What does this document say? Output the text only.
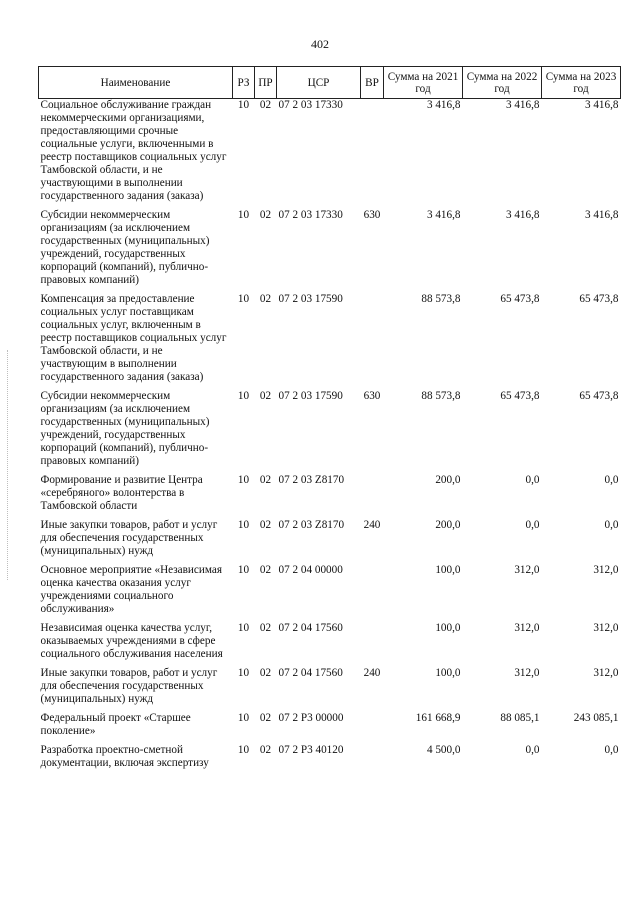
402
Наименование	РЗ	ПР	ЦСР	ВР	Сумма на 2021 год	Сумма на 2022 год	Сумма на 2023 год
Социальное обслуживание граждан некоммерческими организациями, предоставляющими срочные социальные услуги, включенными в реестр поставщиков социальных услуг Тамбовской области, и не участвующими в выполнении государственного задания (заказа)	10	02	07 2 03 17330		3 416,8	3 416,8	3 416,8
Субсидии некоммерческим организациям (за исключением государственных (муниципальных) учреждений, государственных корпораций (компаний), публично-правовых компаний)	10	02	07 2 03 17330	630	3 416,8	3 416,8	3 416,8
Компенсация за предоставление социальных услуг поставщикам социальных услуг, включенным в реестр поставщиков социальных услуг Тамбовской области, и не участвующим в выполнении государственного задания (заказа)	10	02	07 2 03 17590		88 573,8	65 473,8	65 473,8
Субсидии некоммерческим организациям (за исключением государственных (муниципальных) учреждений, государственных корпораций (компаний), публично-правовых компаний)	10	02	07 2 03 17590	630	88 573,8	65 473,8	65 473,8
Формирование и развитие Центра «серебряного» волонтерства в Тамбовской области	10	02	07 2 03 Z8170		200,0	0,0	0,0
Иные закупки товаров, работ и услуг для обеспечения государственных (муниципальных) нужд	10	02	07 2 03 Z8170	240	200,0	0,0	0,0
Основное мероприятие «Независимая оценка качества оказания услуг учреждениями социального обслуживания»	10	02	07 2 04 00000		100,0	312,0	312,0
Независимая оценка качества услуг, оказываемых учреждениями в сфере социального обслуживания населения	10	02	07 2 04 17560		100,0	312,0	312,0
Иные закупки товаров, работ и услуг для обеспечения государственных (муниципальных) нужд	10	02	07 2 04 17560	240	100,0	312,0	312,0
Федеральный проект «Старшее поколение»	10	02	07 2 P3 00000		161 668,9	88 085,1	243 085,1
Разработка проектно-сметной документации, включая экспертизу	10	02	07 2 P3 40120		4 500,0	0,0	0,0
